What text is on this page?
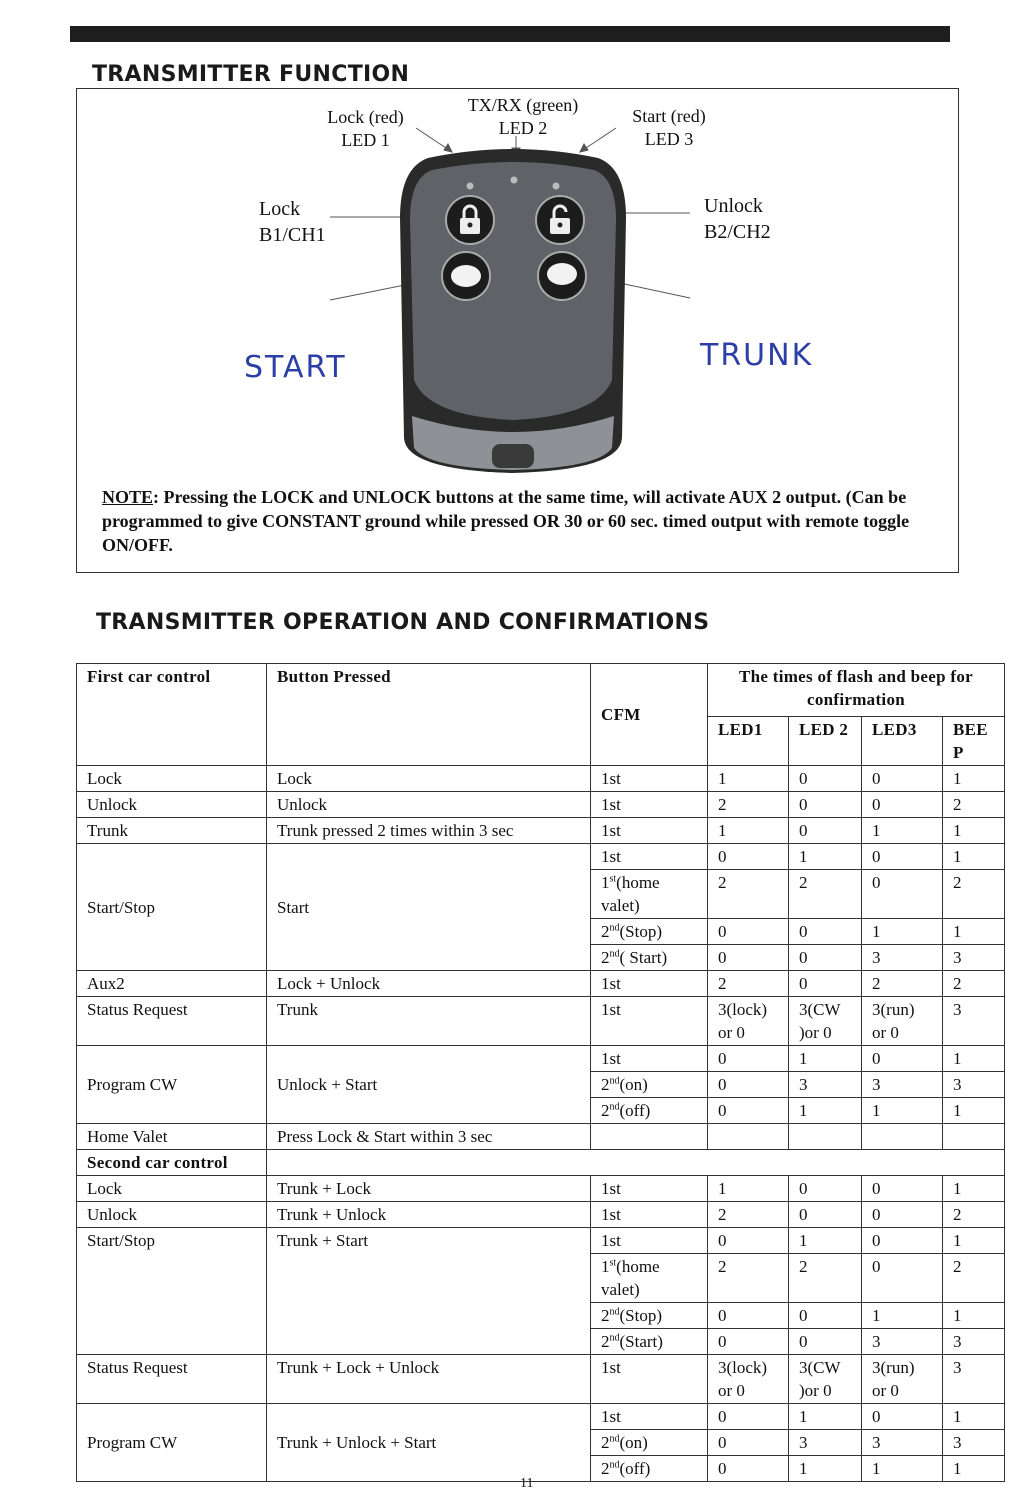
TRANSMITTER FUNCTION
Lock (red)
LED 1
TX/RX (green)
LED 2
Start (red)
LED 3
Lock
B1/CH1
Unlock
B2/CH2
START	TRUNK
NOTE: Pressing the LOCK and UNLOCK buttons at the same time, will activate AUX 2 output. (Can be programmed to give CONSTANT ground while pressed OR 30 or 60 sec. timed output with remote toggle ON/OFF.
TRANSMITTER OPERATION AND CONFIRMATIONS
First car control	Button Pressed	CFM	The times of flash and beep for confirmation			
			LED1	LED 2	LED3	BEE P
Lock	Lock	1st	1	0	0	1
Unlock	Unlock	1st	2	0	0	2
Trunk	Trunk pressed 2 times within 3 sec	1st	1	0	1	1
Start/Stop	Start	1st	0	1	0	1
		1st(home valet)	2	2	0	2
		2nd(Stop)	0	0	1	1
		2nd( Start)	0	0	3	3
Aux2	Lock + Unlock	1st	2	0	2	2
Status Request	Trunk	1st	3(lock) or 0	3(CW )or 0	3(run) or 0	3
Program CW	Unlock + Start	1st	0	1	0	1
		2nd(on)	0	3	3	3
		2nd(off)	0	1	1	1
Home Valet	Press Lock & Start within 3 sec					
Second car control						
Lock	Trunk + Lock	1st	1	0	0	1
Unlock	Trunk + Unlock	1st	2	0	0	2
Start/Stop	Trunk + Start	1st	0	1	0	1
		1st(home valet)	2	2	0	2
		2nd(Stop)	0	0	1	1
		2nd(Start)	0	0	3	3
Status Request	Trunk + Lock + Unlock	1st	3(lock) or 0	3(CW )or 0	3(run) or 0	3
Program CW	Trunk + Unlock + Start	1st	0	1	0	1
		2nd(on)	0	3	3	3
		2nd(off)	0	1	1	1
11
